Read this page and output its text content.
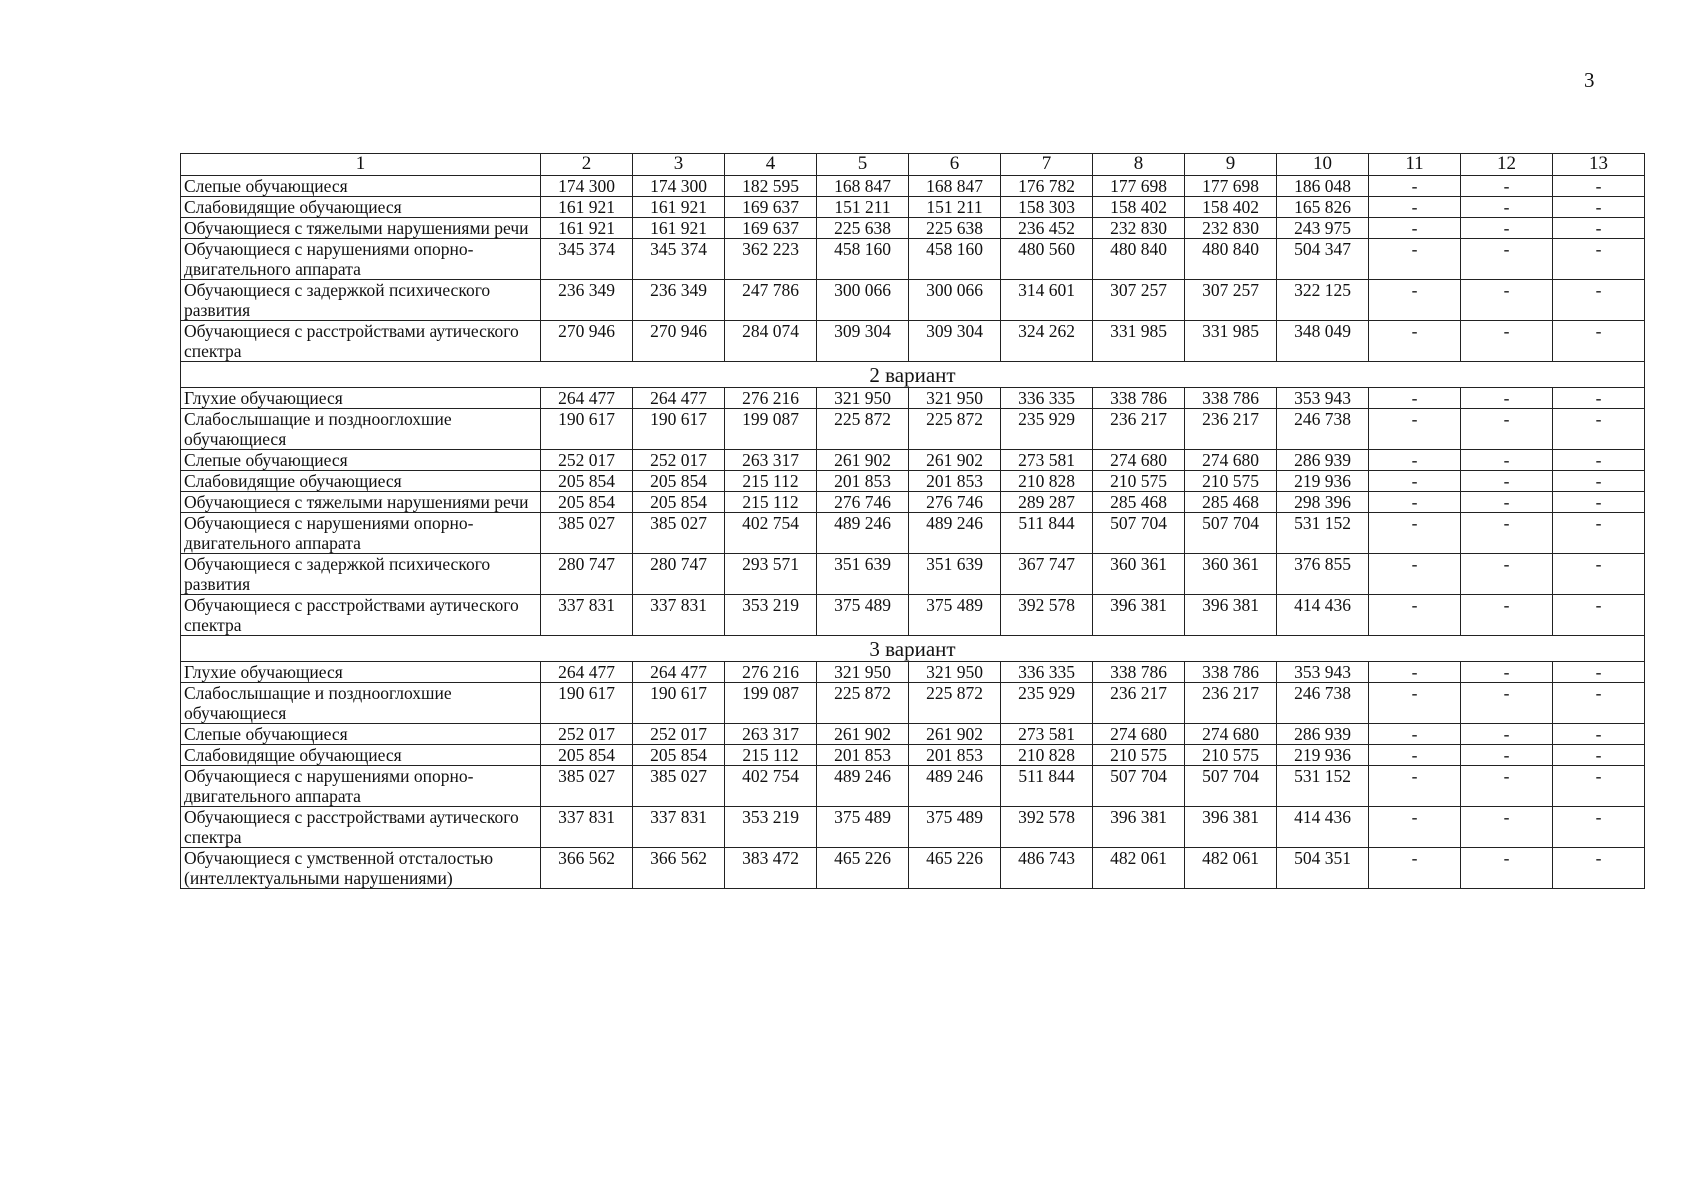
3
1	2	3	4	5	6	7	8	9	10	11	12	13
Слепые обучающиеся	174 300	174 300	182 595	168 847	168 847	176 782	177 698	177 698	186 048	-	-	-
Слабовидящие обучающиеся	161 921	161 921	169 637	151 211	151 211	158 303	158 402	158 402	165 826	-	-	-
Обучающиеся с тяжелыми нарушениями речи	161 921	161 921	169 637	225 638	225 638	236 452	232 830	232 830	243 975	-	-	-
Обучающиеся с нарушениями опорно-двигательного аппарата	345 374	345 374	362 223	458 160	458 160	480 560	480 840	480 840	504 347	-	-	-
Обучающиеся с задержкой психического развития	236 349	236 349	247 786	300 066	300 066	314 601	307 257	307 257	322 125	-	-	-
Обучающиеся с расстройствами аутического спектра	270 946	270 946	284 074	309 304	309 304	324 262	331 985	331 985	348 049	-	-	-
2 вариант												
Глухие обучающиеся	264 477	264 477	276 216	321 950	321 950	336 335	338 786	338 786	353 943	-	-	-
Слабослышащие и позднооглохшие обучающиеся	190 617	190 617	199 087	225 872	225 872	235 929	236 217	236 217	246 738	-	-	-
Слепые обучающиеся	252 017	252 017	263 317	261 902	261 902	273 581	274 680	274 680	286 939	-	-	-
Слабовидящие обучающиеся	205 854	205 854	215 112	201 853	201 853	210 828	210 575	210 575	219 936	-	-	-
Обучающиеся с тяжелыми нарушениями речи	205 854	205 854	215 112	276 746	276 746	289 287	285 468	285 468	298 396	-	-	-
Обучающиеся с нарушениями опорно-двигательного аппарата	385 027	385 027	402 754	489 246	489 246	511 844	507 704	507 704	531 152	-	-	-
Обучающиеся с задержкой психического развития	280 747	280 747	293 571	351 639	351 639	367 747	360 361	360 361	376 855	-	-	-
Обучающиеся с расстройствами аутического спектра	337 831	337 831	353 219	375 489	375 489	392 578	396 381	396 381	414 436	-	-	-
3 вариант												
Глухие обучающиеся	264 477	264 477	276 216	321 950	321 950	336 335	338 786	338 786	353 943	-	-	-
Слабослышащие и позднооглохшие обучающиеся	190 617	190 617	199 087	225 872	225 872	235 929	236 217	236 217	246 738	-	-	-
Слепые обучающиеся	252 017	252 017	263 317	261 902	261 902	273 581	274 680	274 680	286 939	-	-	-
Слабовидящие обучающиеся	205 854	205 854	215 112	201 853	201 853	210 828	210 575	210 575	219 936	-	-	-
Обучающиеся с нарушениями опорно-двигательного аппарата	385 027	385 027	402 754	489 246	489 246	511 844	507 704	507 704	531 152	-	-	-
Обучающиеся с расстройствами аутического спектра	337 831	337 831	353 219	375 489	375 489	392 578	396 381	396 381	414 436	-	-	-
Обучающиеся с умственной отсталостью (интеллектуальными нарушениями)	366 562	366 562	383 472	465 226	465 226	486 743	482 061	482 061	504 351	-	-	-
